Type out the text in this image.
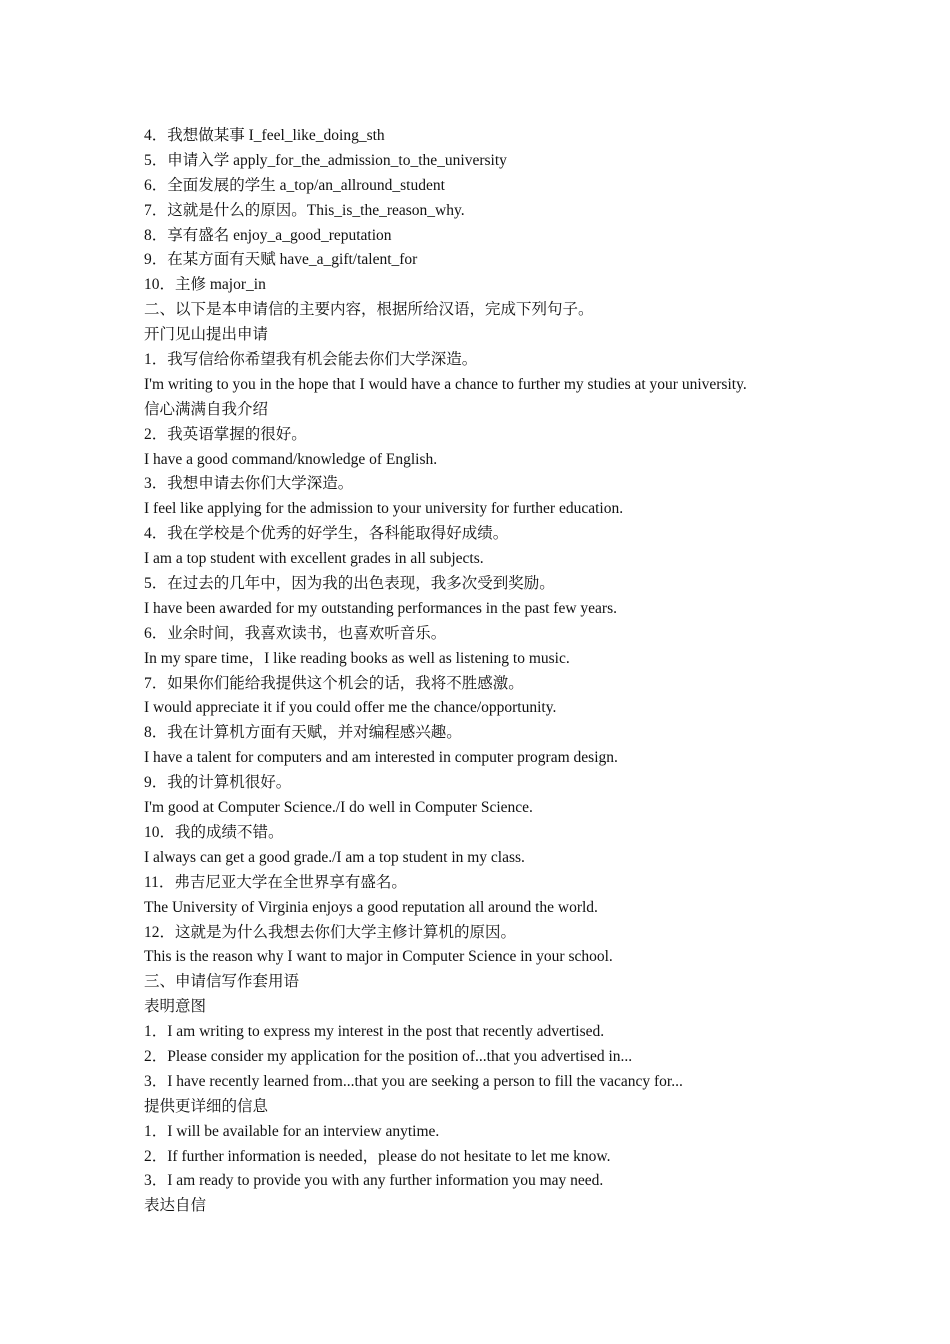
4．我想做某事 I_feel_like_doing_sth

5．申请入学 apply_for_the_admission_to_the_university

6．全面发展的学生 a_top/an_allround_student

7．这就是什么的原因。This_is_the_reason_why.

8．享有盛名 enjoy_a_good_reputation

9．在某方面有天赋 have_a_gift/talent_for

10．主修 major_in

二、以下是本申请信的主要内容，根据所给汉语，完成下列句子。

开门见山提出申请

1．我写信给你希望我有机会能去你们大学深造。

I'm writing to you in the hope that I would have a chance to further my studies at your university.

信心满满自我介绍

2．我英语掌握的很好。

I have a good command/knowledge of English.

3．我想申请去你们大学深造。

I feel like applying for the admission to your university for further education.

4．我在学校是个优秀的好学生，各科能取得好成绩。

I am a top student with excellent grades in all subjects.

5．在过去的几年中，因为我的出色表现，我多次受到奖励。

I have been awarded for my outstanding performances in the past few years.

6．业余时间，我喜欢读书，也喜欢听音乐。

In my spare time，I like reading books as well as listening to music.

7．如果你们能给我提供这个机会的话，我将不胜感激。

I would appreciate it if you could offer me the chance/opportunity.

8．我在计算机方面有天赋，并对编程感兴趣。

I have a talent for computers and am interested in computer program design.

9．我的计算机很好。

I'm good at Computer Science./I do well in Computer Science.

10．我的成绩不错。

I always can get a good grade./I am a top student in my class.

11．弗吉尼亚大学在全世界享有盛名。

The University of Virginia enjoys a good reputation all around the world.

12．这就是为什么我想去你们大学主修计算机的原因。

This is the reason why I want to major in Computer Science in your school.

三、申请信写作套用语

表明意图

1．I am writing to express my interest in the post that recently advertised.

2．Please consider my application for the position of...that you advertised in...

3．I have recently learned from...that you are seeking a person to fill the vacancy for...

提供更详细的信息

1．I will be available for an interview anytime.

2．If further information is needed，please do not hesitate to let me know.

3．I am ready to provide you with any further information you may need.

表达自信
